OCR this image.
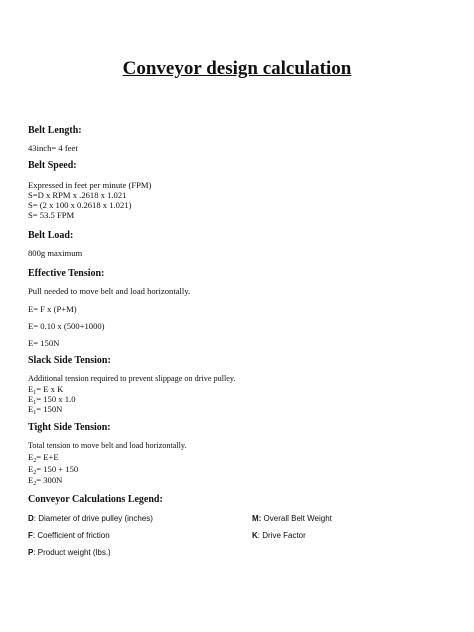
Conveyor design calculation
Belt Length:
43inch= 4 feet
Belt Speed:
Expressed in feet per minute (FPM)
S=D x RPM x .2618 x 1.021
S= (2 x 100 x 0.2618 x 1.021)
S= 53.5 FPM
Belt Load:
800g maximum
Effective Tension:
Pull needed to move belt and load horizontally.
E= F x (P+M)
E= 0.10 x (500+1000)
E= 150N
Slack Side Tension:
Additional tension required to prevent slippage on drive pulley.
$E_1= E$ x K
$E_1= 150$ x 1.0
$E_1= 150N$
Tight Side Tension:
Total tension to move belt and load horizontally.
$E_2= E+E$
$E_2= 150 + 150$
$E_2= 300N$
Conveyor Calculations Legend:
D: Diameter of drive pulley (inches)	M: Overall Belt Weight
F: Coefficient of friction	K: Drive Factor
P: Product weight (lbs.)
